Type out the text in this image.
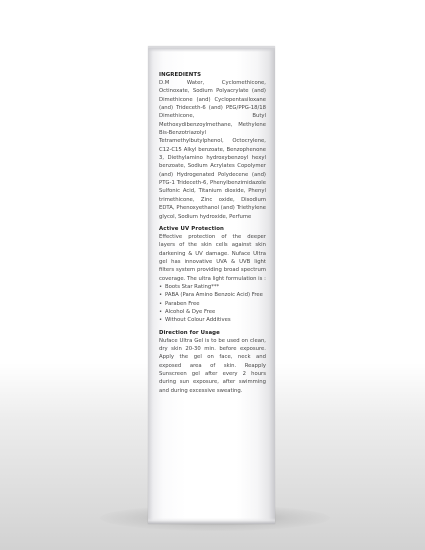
INGREDIENTS

D.M Water, Cyclomethicone, Octinoxate, Sodium Polyacrylate (and) Dimethicone (and) Cyclopentasiloxane (and) Trideceth-6 (and) PEG/PPG-18/18 Dimethicone, Butyl Methoxydibenzoylmethane, Methylene Bis-Benzotriazolyl Tetramethylbutylphenol, Octocrylene, C12-C15 Alkyl benzoate, Benzophenone 3, Diethylamino hydroxybenzoyl hexyl benzoate, Sodium Acrylates Copolymer (and) Hydrogenated Polydecene (and) PTG-1 Trideceth-6, Phenylbenzimidazole Sulfonic Acid, Titanium dioxide, Phenyl trimethicone, Zinc oxide, Disodium EDTA, Phenoxyethanol (and) Triethylene glycol, Sodium hydroxide, Perfume

Active UV Protection

Effective protection of the deeper layers of the skin cells against skin darkening & UV damage. Nuface Ultra gel has innovative UVA & UVB light filters system providing broad spectrum coverage. The ultra light formulation is :

• Boots Star Rating***
• PABA (Para Amino Benzoic Acid) Free
• Paraben Free
• Alcohol & Dye Free
• Without Colour Additives

Direction for Usage

Nuface Ultra Gel is to be used on clean, dry skin 20-30 min. before exposure. Apply the gel on face, neck and exposed area of skin. Reapply Sunscreen gel after every 2 hours during sun exposure, after swimming and during excessive sweating.
